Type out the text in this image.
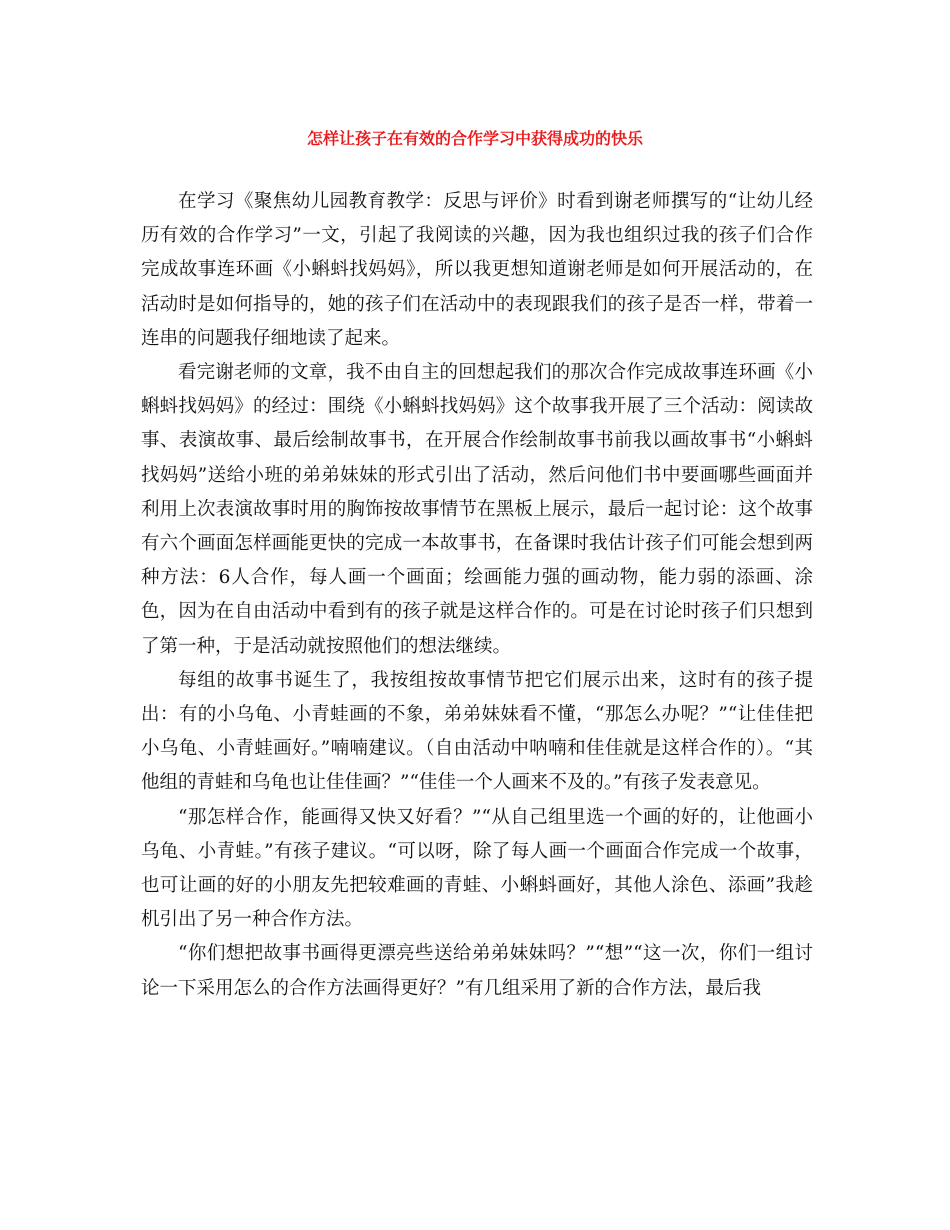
怎样让孩子在有效的合作学习中获得成功的快乐

在学习《聚焦幼儿园教育教学：反思与评价》时看到谢老师撰写的“让幼儿经历有效的合作学习”一文，引起了我阅读的兴趣，因为我也组织过我的孩子们合作完成故事连环画《小蝌蚪找妈妈》，所以我更想知道谢老师是如何开展活动的，在活动时是如何指导的，她的孩子们在活动中的表现跟我们的孩子是否一样，带着一连串的问题我仔细地读了起来。

看完谢老师的文章，我不由自主的回想起我们的那次合作完成故事连环画《小蝌蚪找妈妈》的经过：围绕《小蝌蚪找妈妈》这个故事我开展了三个活动：阅读故事、表演故事、最后绘制故事书，在开展合作绘制故事书前我以画故事书“小蝌蚪找妈妈”送给小班的弟弟妹妹的形式引出了活动，然后问他们书中要画哪些画面并利用上次表演故事时用的胸饰按故事情节在黑板上展示，最后一起讨论：这个故事有六个画面怎样画能更快的完成一本故事书，在备课时我估计孩子们可能会想到两种方法：6人合作，每人画一个画面；绘画能力强的画动物，能力弱的添画、涂色，因为在自由活动中看到有的孩子就是这样合作的。可是在讨论时孩子们只想到了第一种，于是活动就按照他们的想法继续。

每组的故事书诞生了，我按组按故事情节把它们展示出来，这时有的孩子提出：有的小乌龟、小青蛙画的不象，弟弟妹妹看不懂，“那怎么办呢？”“让佳佳把小乌龟、小青蛙画好。”喃喃建议。（自由活动中呐喃和佳佳就是这样合作的）。“其他组的青蛙和乌龟也让佳佳画？”“佳佳一个人画来不及的。”有孩子发表意见。

“那怎样合作，能画得又快又好看？”“从自己组里选一个画的好的，让他画小乌龟、小青蛙。”有孩子建议。“可以呀，除了每人画一个画面合作完成一个故事，也可让画的好的小朋友先把较难画的青蛙、小蝌蚪画好，其他人涂色、添画”我趁机引出了另一种合作方法。

“你们想把故事书画得更漂亮些送给弟弟妹妹吗？”“想”“这一次，你们一组讨论一下采用怎么的合作方法画得更好？”有几组采用了新的合作方法，最后我
